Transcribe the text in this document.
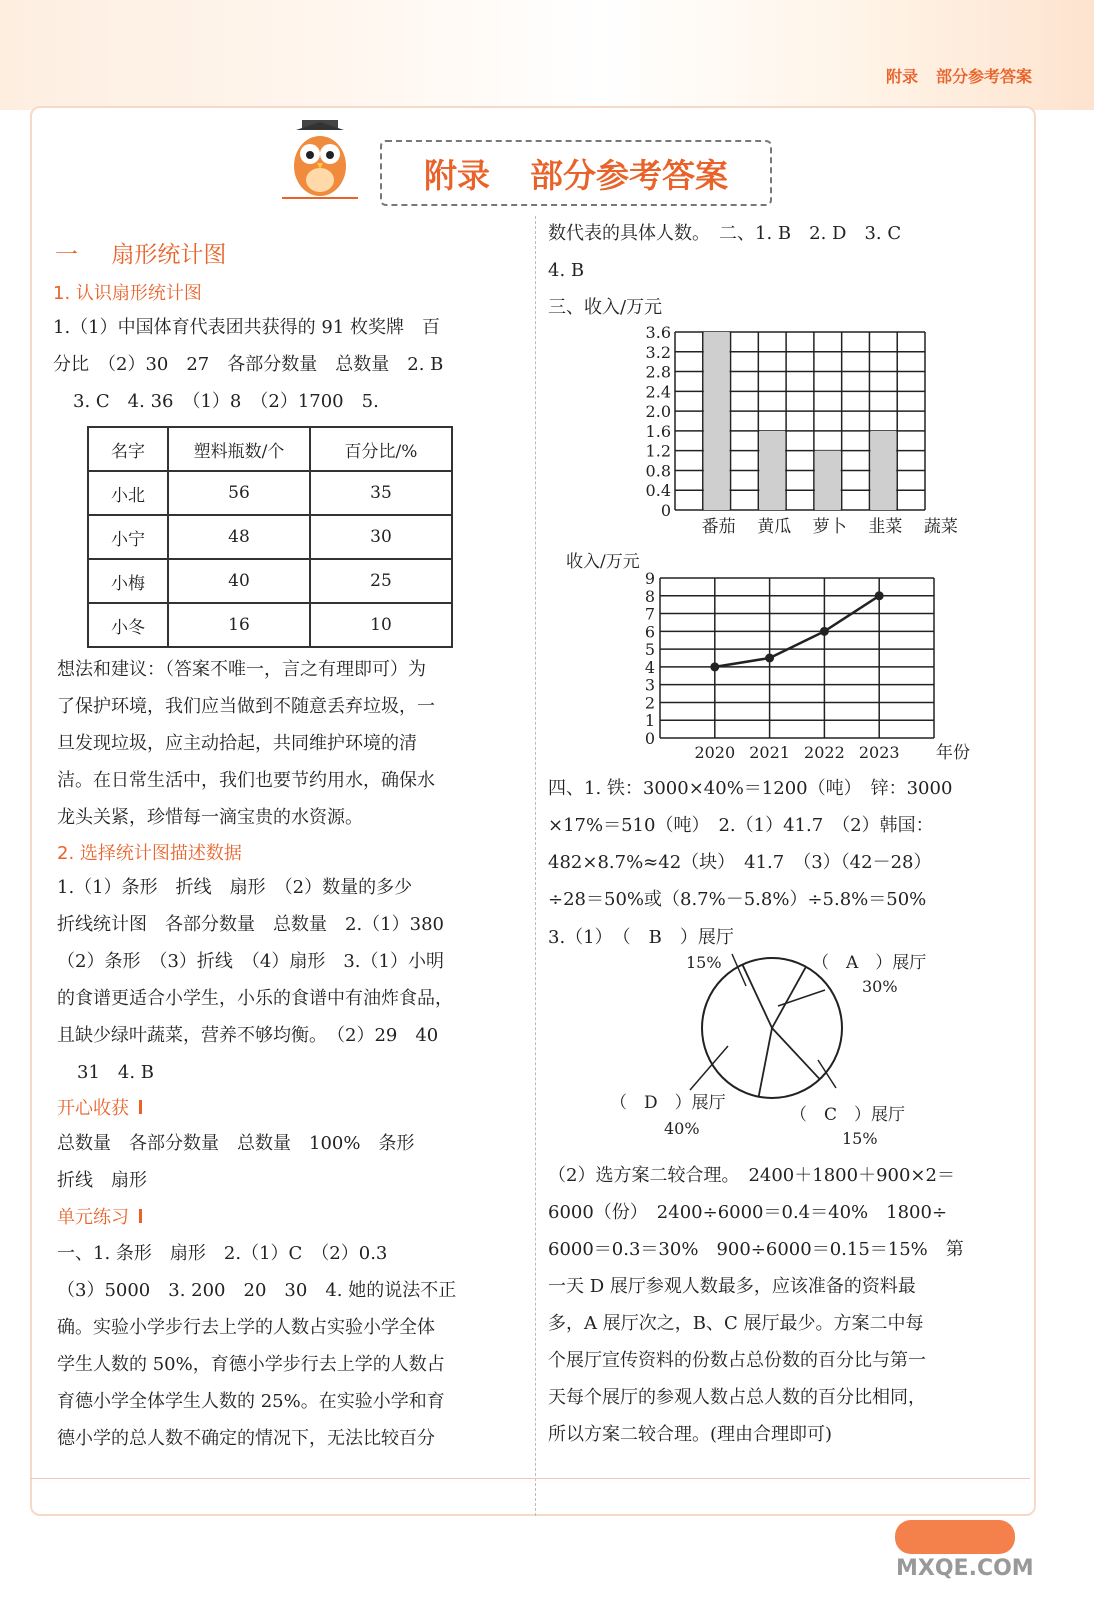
附录 部分参考答案
附录 部分参考答案
一 扇形统计图
1. 认识扇形统计图
1.（1）中国体育代表团共获得的 91 枚奖牌　百
分比　（2）30　27　各部分数量　总数量　2. B
3. C　4. 36　（1）8　（2）1700　5.
名字	塑料瓶数/个	百分比/%
小北	56	35
小宁	48	30
小梅	40	25
小冬	16	10
想法和建议：（答案不唯一，言之有理即可）为
了保护环境，我们应当做到不随意丢弃垃圾，一
旦发现垃圾，应主动拾起，共同维护环境的清
洁。在日常生活中，我们也要节约用水，确保水
龙头关紧，珍惜每一滴宝贵的水资源。
2. 选择统计图描述数据
1.（1）条形　折线　扇形　（2）数量的多少
折线统计图　各部分数量　总数量　2.（1）380
（2）条形　（3）折线　（4）扇形　3.（1）小明
的食谱更适合小学生，小乐的食谱中有油炸食品，
且缺少绿叶蔬菜，营养不够均衡。　（2）29　40
31　4. B
开心收获
总数量　各部分数量　总数量　100%　条形
折线　扇形
单元练习
一、1. 条形　扇形　2.（1）C　（2）0.3
（3）5000　3. 200　20　30　4. 她的说法不正
确。实验小学步行去上学的人数占实验小学全体
学生人数的 50%，育德小学步行去上学的人数占
育德小学全体学生人数的 25%。在实验小学和育
德小学的总人数不确定的情况下，无法比较百分
数代表的具体人数。　二、1. B　2. D　3. C
4. B
三、收入/万元
0
0.4
0.8
1.2
1.6
2.0
2.4
2.8
3.2
3.6
番茄 黄瓜 萝卜 韭菜 蔬菜
收入/万元
0
1
2
3
4
5
6
7
8
9
2020 2021 2022 2023 年份
四、1. 铁：3000×40%＝1200（吨）　锌：3000
×17%＝510（吨）　2.（1）41.7　（2）韩国：
482×8.7%≈42（块）　41.7　（3）（42－28）
÷28＝50%或（8.7%－5.8%）÷5.8%＝50%
3.（1）　（　B　）展厅
15%	（　A　）展厅
30%
（　D　）展厅
40%
（　C　）展厅
15%
（2）选方案二较合理。　2400＋1800＋900×2＝
6000（份）　2400÷6000＝0.4＝40%　1800÷
6000＝0.3＝30%　900÷6000＝0.15＝15%　第
一天 D 展厅参观人数最多，应该准备的资料最
多，A 展厅次之，B、C 展厅最少。方案二中每
个展厅宣传资料的份数占总份数的百分比与第一
天每个展厅的参观人数占总人数的百分比相同，
所以方案二较合理。(理由合理即可)
MXQE.COM
